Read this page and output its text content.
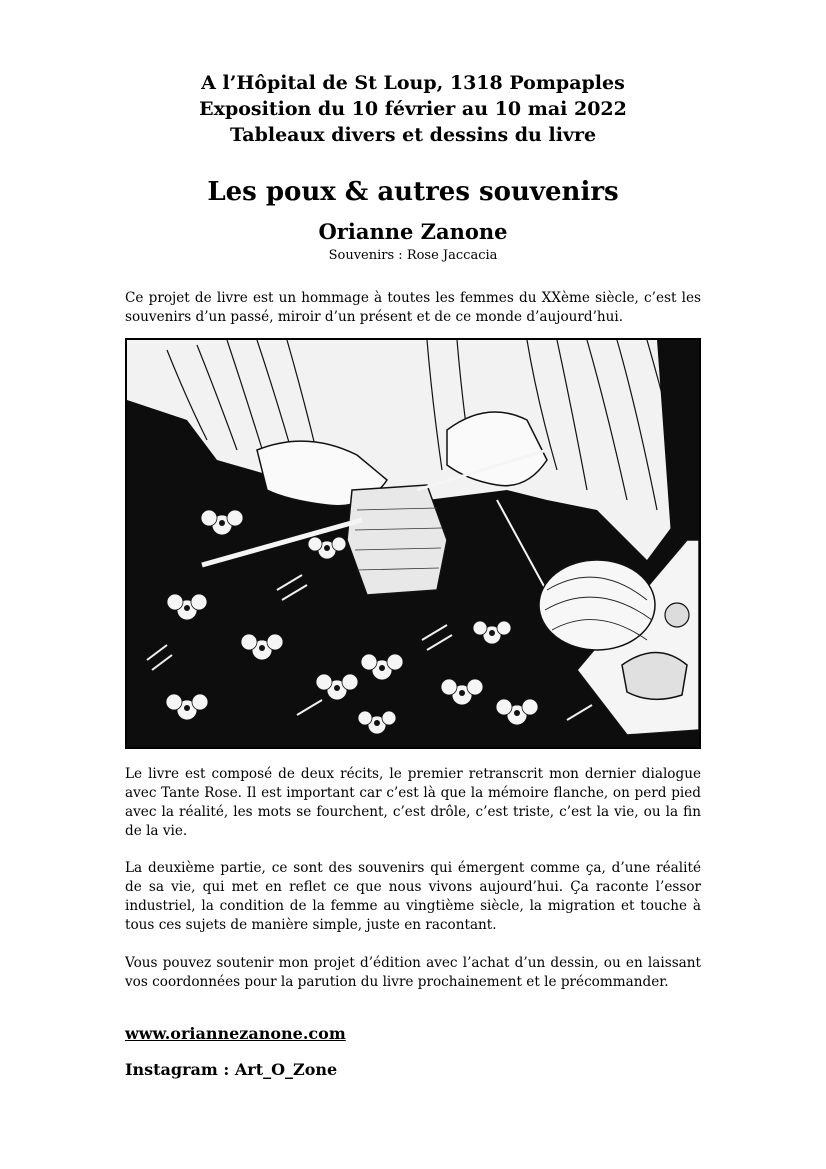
A l’Hôpital de St Loup, 1318 Pompaples
Exposition du 10 février au 10 mai 2022
Tableaux divers et dessins du livre
Les poux & autres souvenirs
Orianne Zanone
Souvenirs : Rose Jaccacia
Ce projet de livre est un hommage à toutes les femmes du XXème siècle, c’est les souvenirs d’un passé, miroir d’un présent et de ce monde d’aujourd’hui.
Le livre est composé de deux récits, le premier retranscrit mon dernier dialogue avec Tante Rose. Il est important car c’est là que la mémoire flanche, on perd pied avec la réalité, les mots se fourchent, c’est drôle, c’est triste, c’est la vie, ou la fin de la vie.
La deuxième partie, ce sont des souvenirs qui émergent comme ça, d’une réalité de sa vie, qui met en reflet ce que nous vivons aujourd’hui. Ça raconte l’essor industriel, la condition de la femme au vingtième siècle, la migration et touche à tous ces sujets de manière simple, juste en racontant.
Vous pouvez soutenir mon projet d’édition avec l’achat d’un dessin, ou en laissant vos coordonnées pour la parution du livre prochainement et le précommander.
www.oriannezanone.com
Instagram : Art_O_Zone
